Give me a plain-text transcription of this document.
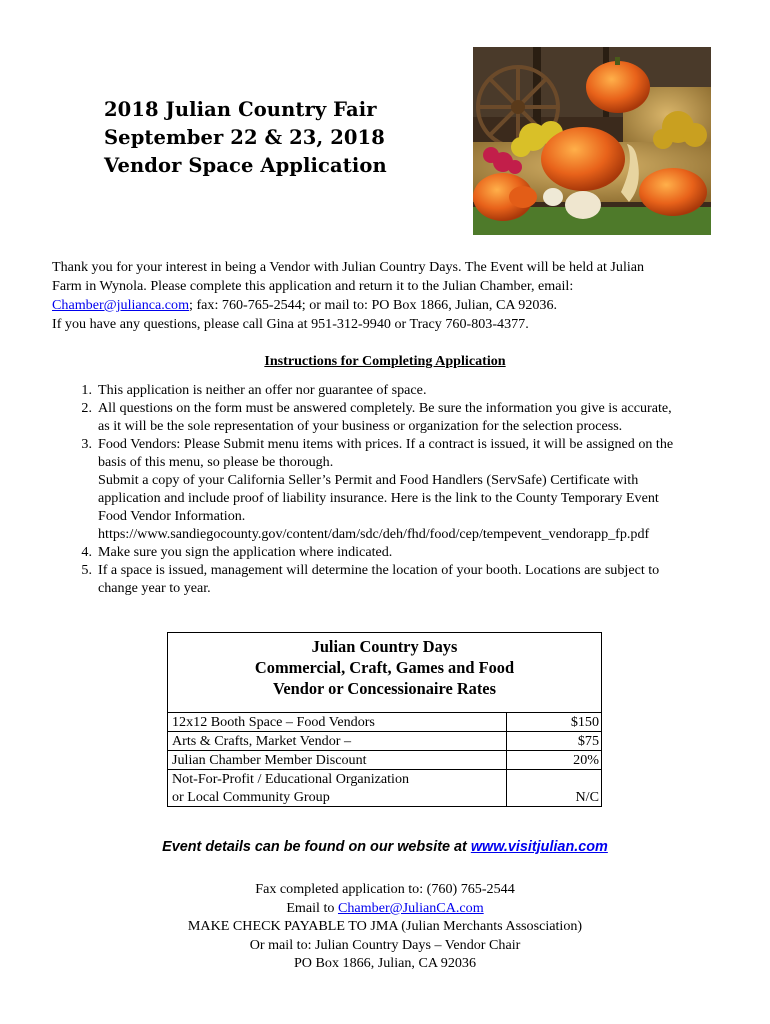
2018 Julian Country Fair
September 22 & 23, 2018
Vendor Space Application
Thank you for your interest in being a Vendor with Julian Country Days. The Event will be held at Julian
Farm in Wynola. Please complete this application and return it to the Julian Chamber, email:
Chamber@julianca.com; fax: 760-765-2544; or mail to: PO Box 1866, Julian, CA 92036.
If you have any questions, please call Gina at 951-312-9940 or Tracy 760-803-4377.
Instructions for Completing Application
1. This application is neither an offer nor guarantee of space.
2. All questions on the form must be answered completely. Be sure the information you give is accurate,
as it will be the sole representation of your business or organization for the selection process.
3. Food Vendors: Please Submit menu items with prices. If a contract is issued, it will be assigned on the
basis of this menu, so please be thorough.
Submit a copy of your California Seller’s Permit and Food Handlers (ServSafe) Certificate with
application and include proof of liability insurance. Here is the link to the County Temporary Event
Food Vendor Information.
https://www.sandiegocounty.gov/content/dam/sdc/deh/fhd/food/cep/tempevent_vendorapp_fp.pdf
4. Make sure you sign the application where indicated.
5. If a space is issued, management will determine the location of your booth. Locations are subject to
change year to year.
Julian Country Days
Commercial, Craft, Games and Food
Vendor or Concessionaire Rates
12x12 Booth Space – Food Vendors	$150
Arts & Crafts, Market Vendor –	$75
Julian Chamber Member Discount	20%

Not-For-Profit / Educational Organization
or Local Community Group	N/C
Event details can be found on our website at www.visitjulian.com
Fax completed application to: (760) 765-2544
Email to Chamber@JulianCA.com
MAKE CHECK PAYABLE TO JMA (Julian Merchants Assosciation)
Or mail to: Julian Country Days – Vendor Chair
PO Box 1866, Julian, CA 92036
